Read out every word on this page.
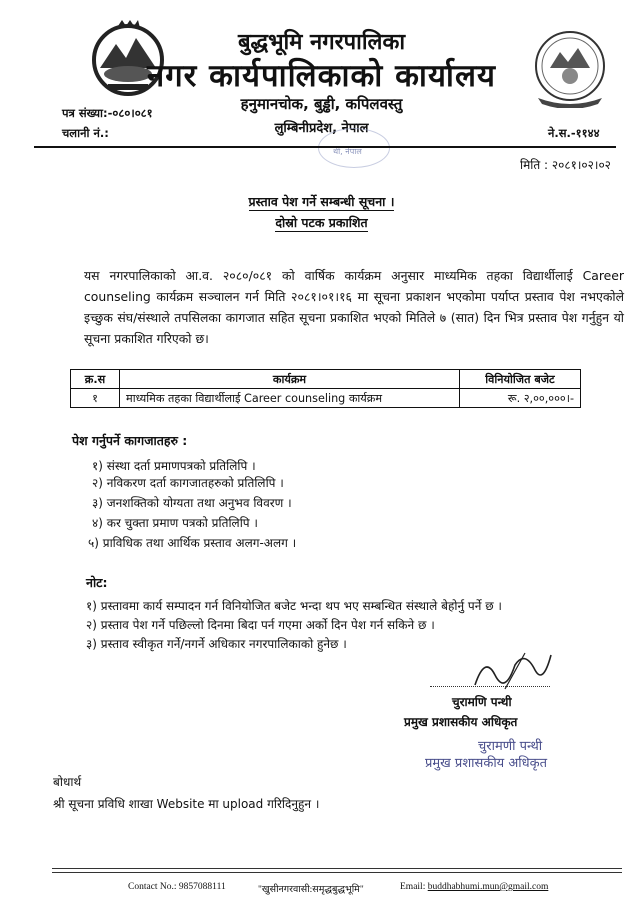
बुद्धभूमि नगरपालिका
नगर कार्यपालिकाको कार्यालय
हनुमानचोक, बुड्ढी, कपिलवस्तु
लुम्बिनीप्रदेश, नेपाल
पत्र संख्या:-०८०।०८१
चलानी नं.:	ने.स.-११४४
थी, नेपाल
मिति : २०८१।०२।०२
प्रस्ताव पेश गर्ने सम्बन्धी सूचना ।
दोस्रो पटक प्रकाशित
यस नगरपालिकाको आ.व. २०८०/०८१ को वार्षिक कार्यक्रम अनुसार माध्यमिक तहका विद्यार्थीलाई Career counseling कार्यक्रम सञ्चालन गर्न मिति २०८१।०१।१६ मा सूचना प्रकाशन भएकोमा पर्याप्त प्रस्ताव पेश नभएकोले इच्छुक संघ/संस्थाले तपसिलका कागजात सहित सूचना प्रकाशित भएको मितिले ७ (सात) दिन भित्र प्रस्ताव पेश गर्नुहुन यो सूचना प्रकाशित गरिएको छ।
क्र.स	कार्यक्रम	विनियोजित बजेट
१	माध्यमिक तहका विद्यार्थीलाई Career counseling कार्यक्रम	रू. २,००,०००।-
पेश गर्नुपर्ने कागजातहरु :
१) संस्था दर्ता प्रमाणपत्रको प्रतिलिपि ।
२) नविकरण दर्ता कागजातहरुको प्रतिलिपि ।
३) जनशक्तिको योग्यता तथा अनुभव विवरण ।
४) कर चुक्ता प्रमाण पत्रको प्रतिलिपि ।
५) प्राविधिक तथा आर्थिक प्रस्ताव अलग-अलग ।
नोट:
१) प्रस्तावमा कार्य सम्पादन गर्न विनियोजित बजेट भन्दा थप भए सम्बन्धित संस्थाले बेहोर्नु पर्ने छ ।
२) प्रस्ताव पेश गर्ने पछिल्लो दिनमा बिदा पर्न गएमा अर्को दिन पेश गर्न सकिने छ ।
३) प्रस्ताव स्वीकृत गर्ने/नगर्ने अधिकार नगरपालिकाको हुनेछ ।
चुरामणि पन्थी
प्रमुख प्रशासकीय अधिकृत
चुरामणी पन्थी
प्रमुख प्रशासकीय अधिकृत
बोधार्थ
श्री सूचना प्रविधि शाखा Website मा upload गरिदिनुहुन ।
Contact No.: 9857088111	"खुसीनगरवासी:समृद्धबुद्धभूमि"	Email: buddhabhumi.mun@gmail.com
